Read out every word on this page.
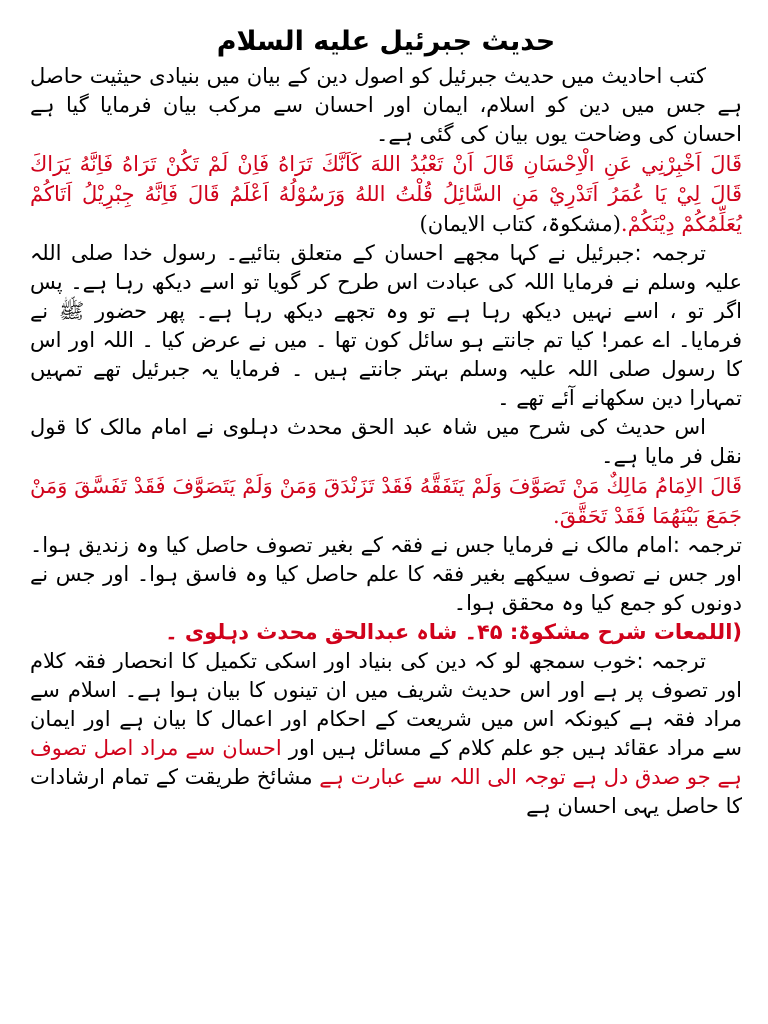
حدیث جبرئیل علیه السلام

کتب احادیث میں حدیث جبرئیل کو اصول دین کے بیان میں بنیادی حیثیت حاصل ہے جس میں دین کو اسلام، ایمان اور احسان سے مرکب بیان فرمایا گیا ہے احسان کی وضاحت یوں بیان کی گئی ہے۔

قَالَ اَخْبِرْنِي عَنِ الْاِحْسَانِ قَالَ اَنْ تَعْبُدُ اللهَ كَاَنَّكَ تَرَاهُ فَاِنْ لَمْ تَكُنْ تَرَاهُ فَاِنَّهُ يَرَاكَ قَالَ لِيْ يَا عُمَرُ اَتَدْرِيْ مَنِ السَّائِلُ قُلْتُ اللهُ وَرَسُوْلُهُ اَعْلَمُ قَالَ فَاِنَّهُ جِبْرِيْلُ اَتَاكُمْ يُعَلِّمُكُمْ دِيْنَكُمْ.(مشکوۃ، کتاب الایمان)

ترجمہ :جبرئیل نے کہا مجھے احسان کے متعلق بتائیے۔ رسول خدا صلی اللہ علیہ وسلم نے فرمایا اللہ کی عبادت اس طرح کر گویا تو اسے دیکھ رہا ہے۔ پس اگر تو ، اسے نہیں دیکھ رہا ہے تو وہ تجھے دیکھ رہا ہے۔ پھر حضور ﷺ نے فرمایا۔ اے عمر! کیا تم جانتے ہو سائل کون تھا ۔ میں نے عرض کیا ۔ اللہ اور اس کا رسول صلی اللہ علیہ وسلم بہتر جانتے ہیں ۔ فرمایا یہ جبرئیل تھے تمہیں تمہارا دین سکھانے آئے تھے ۔

اس حدیث کی شرح میں شاہ عبد الحق محدث دہلوی نے امام مالک کا قول نقل فر مایا ہے۔

قَالَ الاِمَامُ مَالِكٌ مَنْ تَصَوَّفَ وَلَمْ يَتَفَقَّهُ فَقَدْ تَزَنْدَقَ وَمَنْ وَلَمْ يَتَصَوَّفَ فَقَدْ تَفَسَّقَ وَمَنْ جَمَعَ بَيْنَهُمَا فَقَدْ تَحَقَّقَ.

ترجمہ :امام مالک نے فرمایا جس نے فقہ کے بغیر تصوف حاصل کیا وہ زندیق ہوا۔ اور جس نے تصوف سیکھے بغیر فقہ کا علم حاصل کیا وہ فاسق ہوا۔ اور جس نے دونوں کو جمع کیا وہ محقق ہوا۔

(اللمعات شرح مشکوۃ: ۴۵۔ شاہ عبدالحق محدث دہلوی ۔

ترجمہ :خوب سمجھ لو کہ دین کی بنیاد اور اسکی تکمیل کا انحصار فقہ کلام اور تصوف پر ہے اور اس حدیث شریف میں ان تینوں کا بیان ہوا ہے۔ اسلام سے مراد فقہ ہے کیونکہ اس میں شریعت کے احکام اور اعمال کا بیان ہے اور ایمان سے مراد عقائد ہیں جو علم کلام کے مسائل ہیں اور احسان سے مراد اصل تصوف ہے جو صدق دل ہے توجہ الی اللہ سے عبارت ہے مشائخ طریقت کے تمام ارشادات کا حاصل یہی احسان ہے
